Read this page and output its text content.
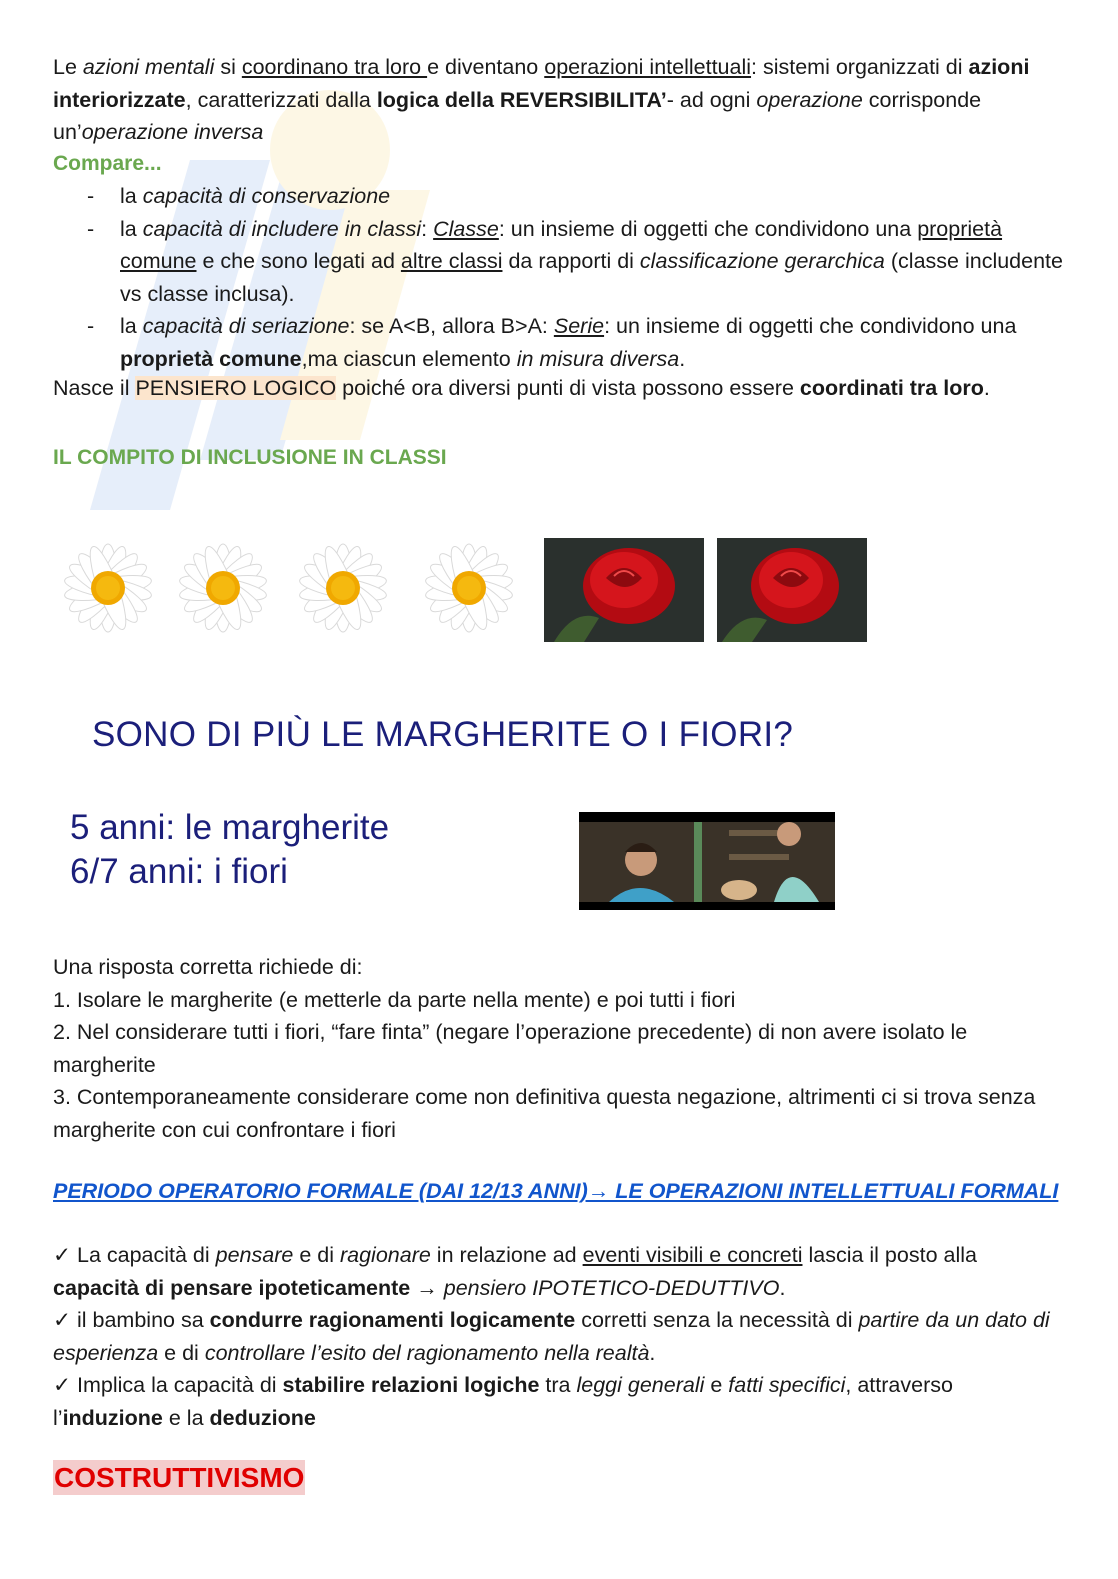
Le azioni mentali si coordinano tra loro e diventano operazioni intellettuali: sistemi organizzati di azioni interiorizzate, caratterizzati dalla logica della REVERSIBILITA’- ad ogni operazione corrisponde un’operazione inversa
Compare...
- la capacità di conservazione
- la capacità di includere in classi: Classe: un insieme di oggetti che condividono una proprietà comune e che sono legati ad altre classi da rapporti di classificazione gerarchica (classe includente vs classe inclusa).
- la capacità di seriazione: se A<B, allora B>A: Serie: un insieme di oggetti che condividono una proprietà comune,ma ciascun elemento in misura diversa.
Nasce il PENSIERO LOGICO poiché ora diversi punti di vista possono essere coordinati tra loro.
IL COMPITO DI INCLUSIONE IN CLASSI
SONO DI PIÙ LE MARGHERITE O I FIORI?
5 anni: le margherite
6/7 anni: i fiori
Una risposta corretta richiede di:
1. Isolare le margherite (e metterle da parte nella mente) e poi tutti i fiori
2. Nel considerare tutti i fiori, “fare finta” (negare l’operazione precedente) di non avere isolato le margherite
3. Contemporaneamente considerare come non definitiva questa negazione, altrimenti ci si trova senza margherite con cui confrontare i fiori
PERIODO OPERATORIO FORMALE (DAI 12/13 ANNI)→ LE OPERAZIONI INTELLETTUALI FORMALI
✓ La capacità di pensare e di ragionare in relazione ad eventi visibili e concreti lascia il posto alla capacità di pensare ipoteticamente → pensiero IPOTETICO-DEDUTTIVO.
✓ il bambino sa condurre ragionamenti logicamente corretti senza la necessità di partire da un dato di esperienza e di controllare l’esito del ragionamento nella realtà.
✓ Implica la capacità di stabilire relazioni logiche tra leggi generali e fatti specifici, attraverso l’induzione e la deduzione
COSTRUTTIVISMO
